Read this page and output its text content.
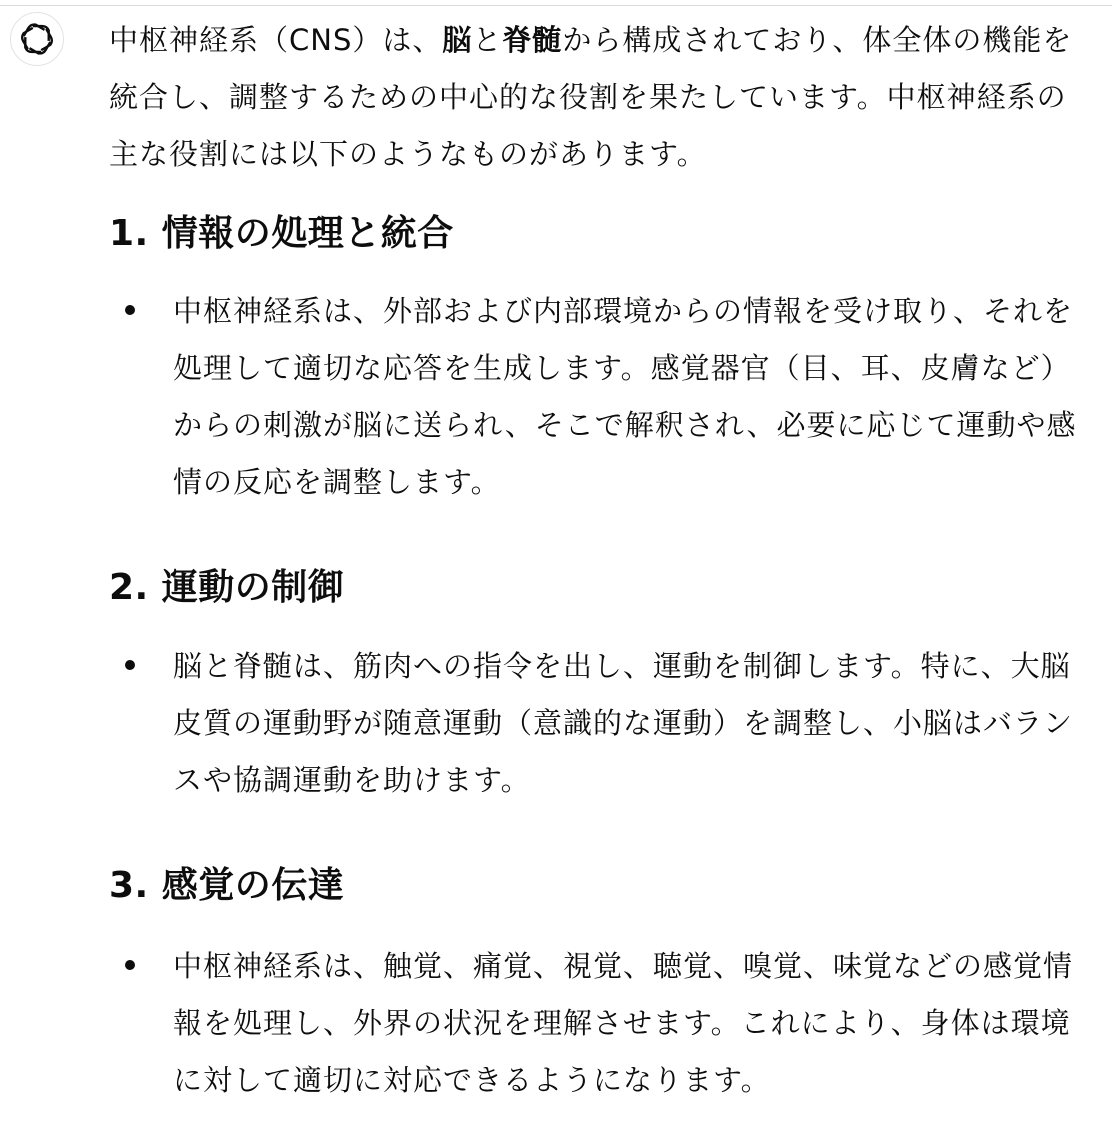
中枢神経系（CNS）は、脳と脊髄から構成されており、体全体の機能を統合し、調整するための中心的な役割を果たしています。中枢神経系の主な役割には以下のようなものがあります。

1. 情報の処理と統合
中枢神経系は、外部および内部環境からの情報を受け取り、それを処理して適切な応答を生成します。感覚器官（目、耳、皮膚など）からの刺激が脳に送られ、そこで解釈され、必要に応じて運動や感情の反応を調整します。
2. 運動の制御
脳と脊髄は、筋肉への指令を出し、運動を制御します。特に、大脳皮質の運動野が随意運動（意識的な運動）を調整し、小脳はバランスや協調運動を助けます。
3. 感覚の伝達
中枢神経系は、触覚、痛覚、視覚、聴覚、嗅覚、味覚などの感覚情報を処理し、外界の状況を理解させます。これにより、身体は環境に対して適切に対応できるようになります。
